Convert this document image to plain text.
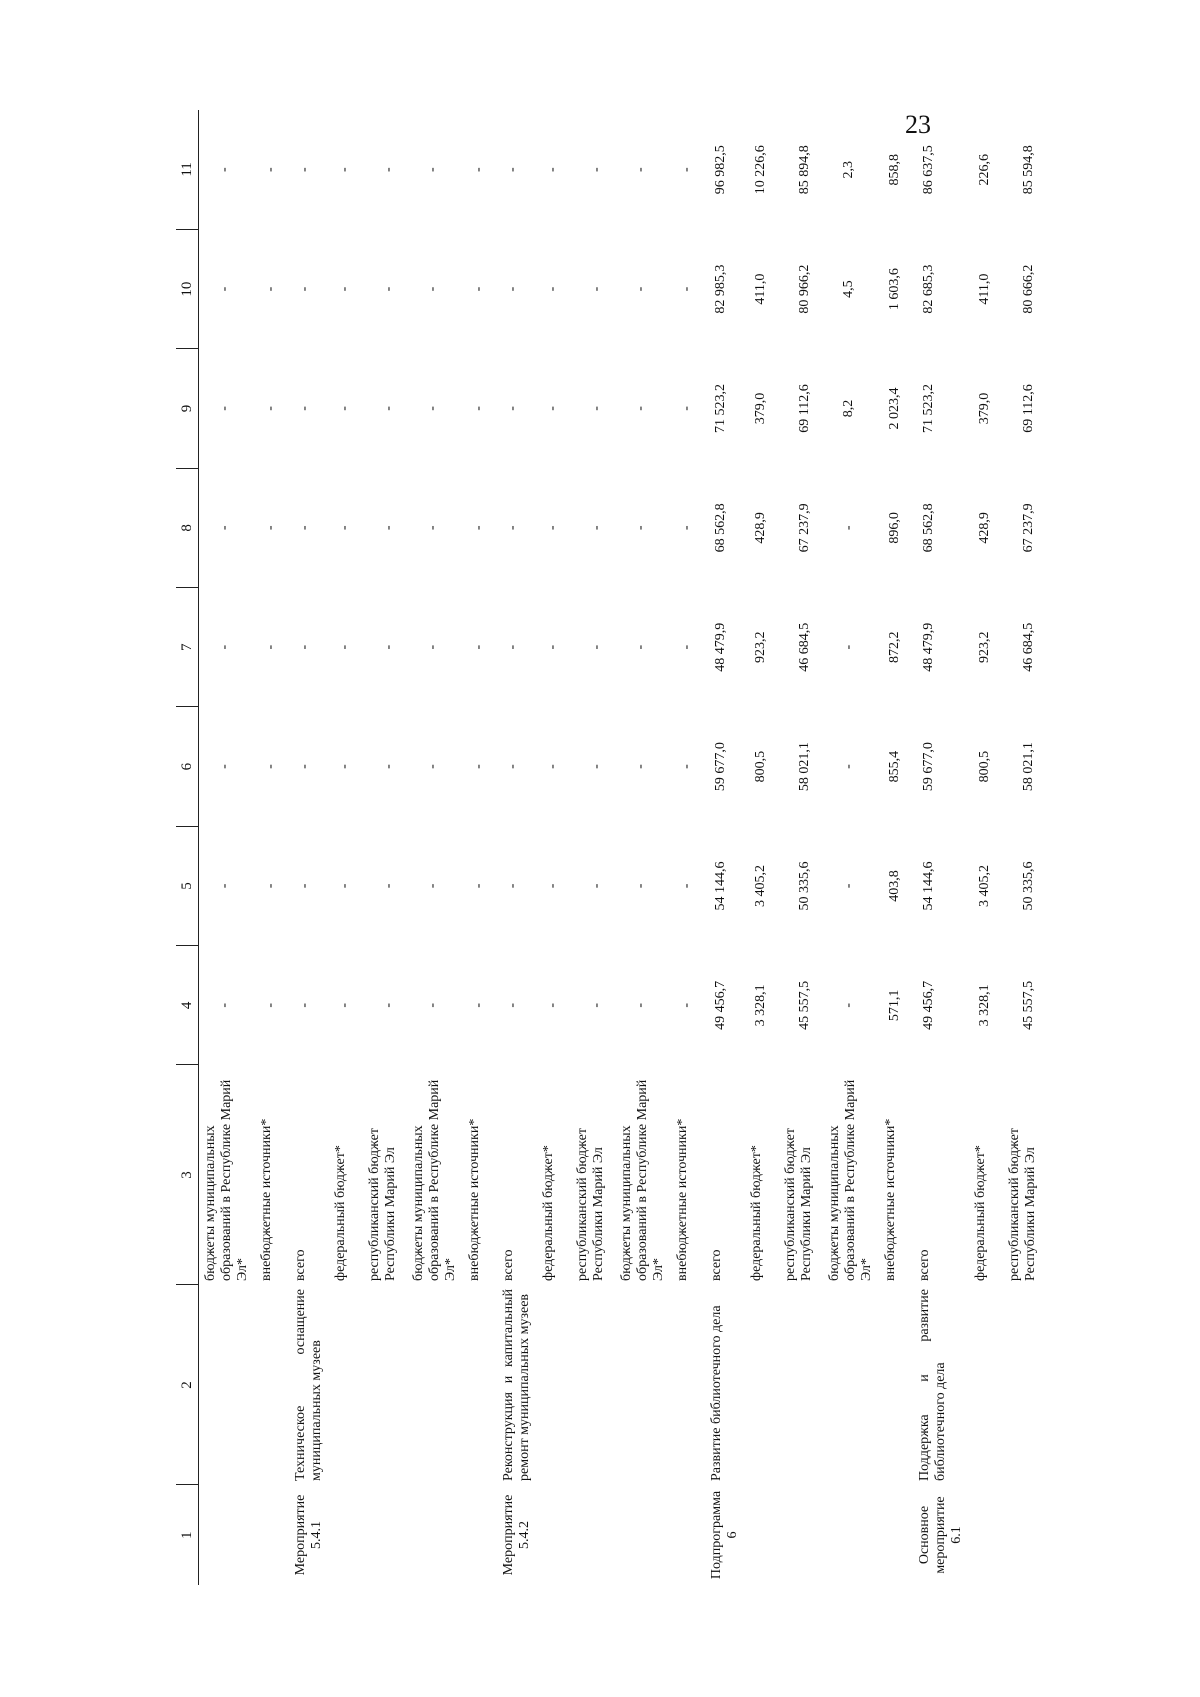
23
1	2	3	4	5	6	7	8	9	10	11
		бюджеты муниципальных образований в Республике Марий Эл*	-	-	-	-	-	-	-	-
		внебюджетные источники*	-	-	-	-	-	-	-	-
Мероприятие 5.4.1	Техническое оснащение муниципальных музеев	всего	-	-	-	-	-	-	-	-
		федеральный бюджет*	-	-	-	-	-	-	-	-
		республиканский бюджет Республики Марий Эл	-	-	-	-	-	-	-	-
		бюджеты муниципальных образований в Республике Марий Эл*	-	-	-	-	-	-	-	-
		внебюджетные источники*	-	-	-	-	-	-	-	-
Мероприятие 5.4.2	Реконструкция и капитальный ремонт муниципальных музеев	всего	-	-	-	-	-	-	-	-
		федеральный бюджет*	-	-	-	-	-	-	-	-
		республиканский бюджет Республики Марий Эл	-	-	-	-	-	-	-	-
		бюджеты муниципальных образований в Республике Марий Эл*	-	-	-	-	-	-	-	-
		внебюджетные источники*	-	-	-	-	-	-	-	-
Подпрограмма 6	Развитие библиотечного дела	всего	49 456,7	54 144,6	59 677,0	48 479,9	68 562,8	71 523,2	82 985,3	96 982,5
		федеральный бюджет*	3 328,1	3 405,2	800,5	923,2	428,9	379,0	411,0	10 226,6
		республиканский бюджет Республики Марий Эл	45 557,5	50 335,6	58 021,1	46 684,5	67 237,9	69 112,6	80 966,2	85 894,8
		бюджеты муниципальных образований в Республике Марий Эл*	-	-	-	-	-	8,2	4,5	2,3
		внебюджетные источники*	571,1	403,8	855,4	872,2	896,0	2 023,4	1 603,6	858,8
Основное мероприятие 6.1	Поддержка и развитие библиотечного дела	всего	49 456,7	54 144,6	59 677,0	48 479,9	68 562,8	71 523,2	82 685,3	86 637,5
		федеральный бюджет*	3 328,1	3 405,2	800,5	923,2	428,9	379,0	411,0	226,6
		республиканский бюджет Республики Марий Эл	45 557,5	50 335,6	58 021,1	46 684,5	67 237,9	69 112,6	80 666,2	85 594,8
